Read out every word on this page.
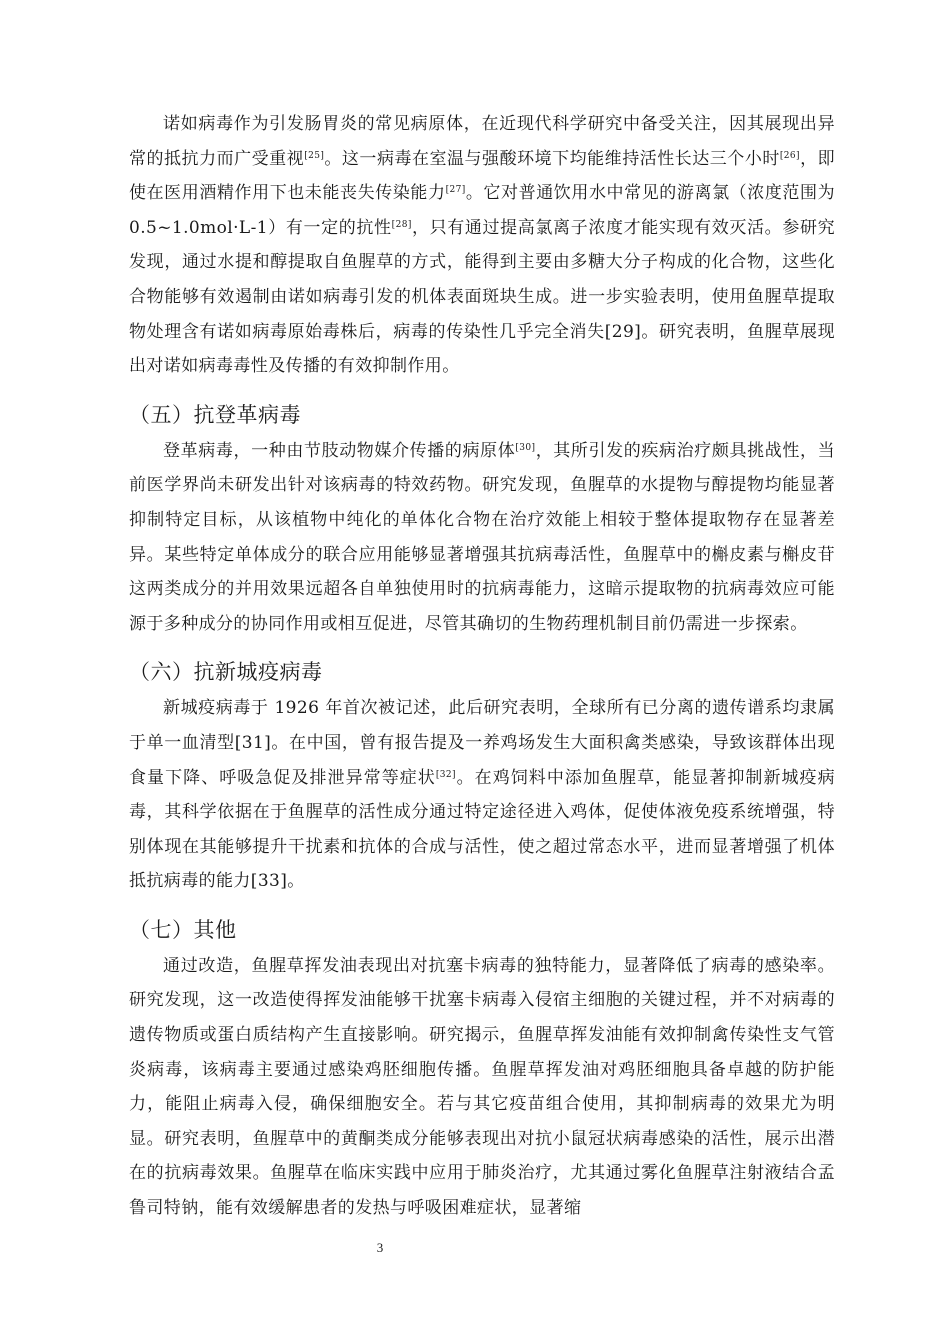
诺如病毒作为引发肠胃炎的常见病原体，在近现代科学研究中备受关注，因其展现出异常的抵抗力而广受重视[25]。这一病毒在室温与强酸环境下均能维持活性长达三个小时[26]，即使在医用酒精作用下也未能丧失传染能力[27]。它对普通饮用水中常见的游离氯（浓度范围为 0.5~1.0mol·L-1）有一定的抗性[28]，只有通过提高氯离子浓度才能实现有效灭活。参研究发现，通过水提和醇提取自鱼腥草的方式，能得到主要由多糖大分子构成的化合物，这些化合物能够有效遏制由诺如病毒引发的机体表面斑块生成。进一步实验表明，使用鱼腥草提取物处理含有诺如病毒原始毒株后，病毒的传染性几乎完全消失[29]。研究表明，鱼腥草展现出对诺如病毒毒性及传播的有效抑制作用。

（五）抗登革病毒

登革病毒，一种由节肢动物媒介传播的病原体[30]，其所引发的疾病治疗颇具挑战性，当前医学界尚未研发出针对该病毒的特效药物。研究发现，鱼腥草的水提物与醇提物均能显著抑制特定目标，从该植物中纯化的单体化合物在治疗效能上相较于整体提取物存在显著差异。某些特定单体成分的联合应用能够显著增强其抗病毒活性，鱼腥草中的槲皮素与槲皮苷这两类成分的并用效果远超各自单独使用时的抗病毒能力，这暗示提取物的抗病毒效应可能源于多种成分的协同作用或相互促进，尽管其确切的生物药理机制目前仍需进一步探索。

（六）抗新城疫病毒

新城疫病毒于 1926 年首次被记述，此后研究表明，全球所有已分离的遗传谱系均隶属于单一血清型[31]。在中国，曾有报告提及一养鸡场发生大面积禽类感染，导致该群体出现食量下降、呼吸急促及排泄异常等症状[32]。在鸡饲料中添加鱼腥草，能显著抑制新城疫病毒，其科学依据在于鱼腥草的活性成分通过特定途径进入鸡体，促使体液免疫系统增强，特别体现在其能够提升干扰素和抗体的合成与活性，使之超过常态水平，进而显著增强了机体抵抗病毒的能力[33]。

（七）其他

通过改造，鱼腥草挥发油表现出对抗塞卡病毒的独特能力，显著降低了病毒的感染率。研究发现，这一改造使得挥发油能够干扰塞卡病毒入侵宿主细胞的关键过程，并不对病毒的遗传物质或蛋白质结构产生直接影响。研究揭示，鱼腥草挥发油能有效抑制禽传染性支气管炎病毒，该病毒主要通过感染鸡胚细胞传播。鱼腥草挥发油对鸡胚细胞具备卓越的防护能力，能阻止病毒入侵，确保细胞安全。若与其它疫苗组合使用，其抑制病毒的效果尤为明显。研究表明，鱼腥草中的黄酮类成分能够表现出对抗小鼠冠状病毒感染的活性，展示出潜在的抗病毒效果。鱼腥草在临床实践中应用于肺炎治疗，尤其通过雾化鱼腥草注射液结合孟鲁司特钠，能有效缓解患者的发热与呼吸困难症状，显著缩

3
